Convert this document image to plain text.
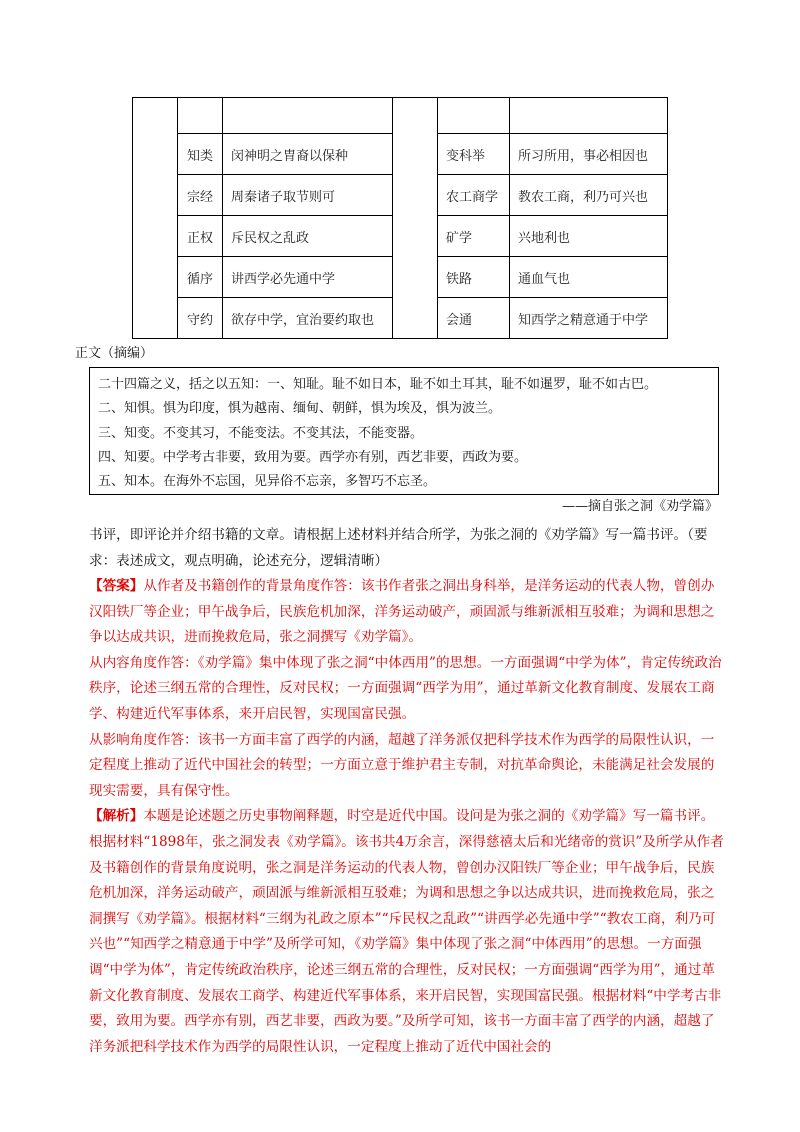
	知类	闵神明之胄裔以保种		变科举	所习所用，事必相因也
	宗经	周秦诸子取节则可		农工商学	教农工商，利乃可兴也
	正权	斥民权之乱政		矿学	兴地利也
	循序	讲西学必先通中学		铁路	通血气也
	守约	欲存中学，宜治要约取也		会通	知西学之精意通于中学
正文（摘编）
二十四篇之义，括之以五知：一、知耻。耻不如日本，耻不如土耳其，耻不如暹罗，耻不如古巴。
二、知惧。惧为印度，惧为越南、缅甸、朝鲜，惧为埃及，惧为波兰。
三、知变。不变其习，不能变法。不变其法，不能变器。
四、知要。中学考古非要，致用为要。西学亦有别，西艺非要，西政为要。
五、知本。在海外不忘国，见异俗不忘亲，多智巧不忘圣。
——摘自张之洞《劝学篇》
书评，即评论并介绍书籍的文章。请根据上述材料并结合所学，为张之洞的《劝学篇》写一篇书评。（要求：表述成文，观点明确，论述充分，逻辑清晰）

【答案】从作者及书籍创作的背景角度作答：该书作者张之洞出身科举，是洋务运动的代表人物，曾创办汉阳铁厂等企业；甲午战争后，民族危机加深，洋务运动破产，顽固派与维新派相互驳难；为调和思想之争以达成共识，进而挽救危局，张之洞撰写《劝学篇》。

从内容角度作答：《劝学篇》集中体现了张之洞“中体西用”的思想。一方面强调“中学为体”，肯定传统政治秩序，论述三纲五常的合理性，反对民权；一方面强调“西学为用”，通过革新文化教育制度、发展农工商学、构建近代军事体系，来开启民智，实现国富民强。

从影响角度作答：该书一方面丰富了西学的内涵，超越了洋务派仅把科学技术作为西学的局限性认识，一定程度上推动了近代中国社会的转型；一方面立意于维护君主专制，对抗革命舆论，未能满足社会发展的现实需要，具有保守性。

【解析】本题是论述题之历史事物阐释题，时空是近代中国。设问是为张之洞的《劝学篇》写一篇书评。根据材料“1898年，张之洞发表《劝学篇》。该书共4万余言，深得慈禧太后和光绪帝的赏识”及所学从作者及书籍创作的背景角度说明，张之洞是洋务运动的代表人物，曾创办汉阳铁厂等企业；甲午战争后，民族危机加深，洋务运动破产，顽固派与维新派相互驳难；为调和思想之争以达成共识，进而挽救危局，张之洞撰写《劝学篇》。根据材料“三纲为礼政之原本”“斥民权之乱政”“讲西学必先通中学”“教农工商，利乃可兴也”“知西学之精意通于中学”及所学可知，《劝学篇》集中体现了张之洞“中体西用”的思想。一方面强调“中学为体”，肯定传统政治秩序，论述三纲五常的合理性，反对民权；一方面强调“西学为用”，通过革新文化教育制度、发展农工商学、构建近代军事体系，来开启民智，实现国富民强。根据材料“中学考古非要，致用为要。西学亦有别，西艺非要，西政为要。”及所学可知，该书一方面丰富了西学的内涵，超越了洋务派把科学技术作为西学的局限性认识，一定程度上推动了近代中国社会的
